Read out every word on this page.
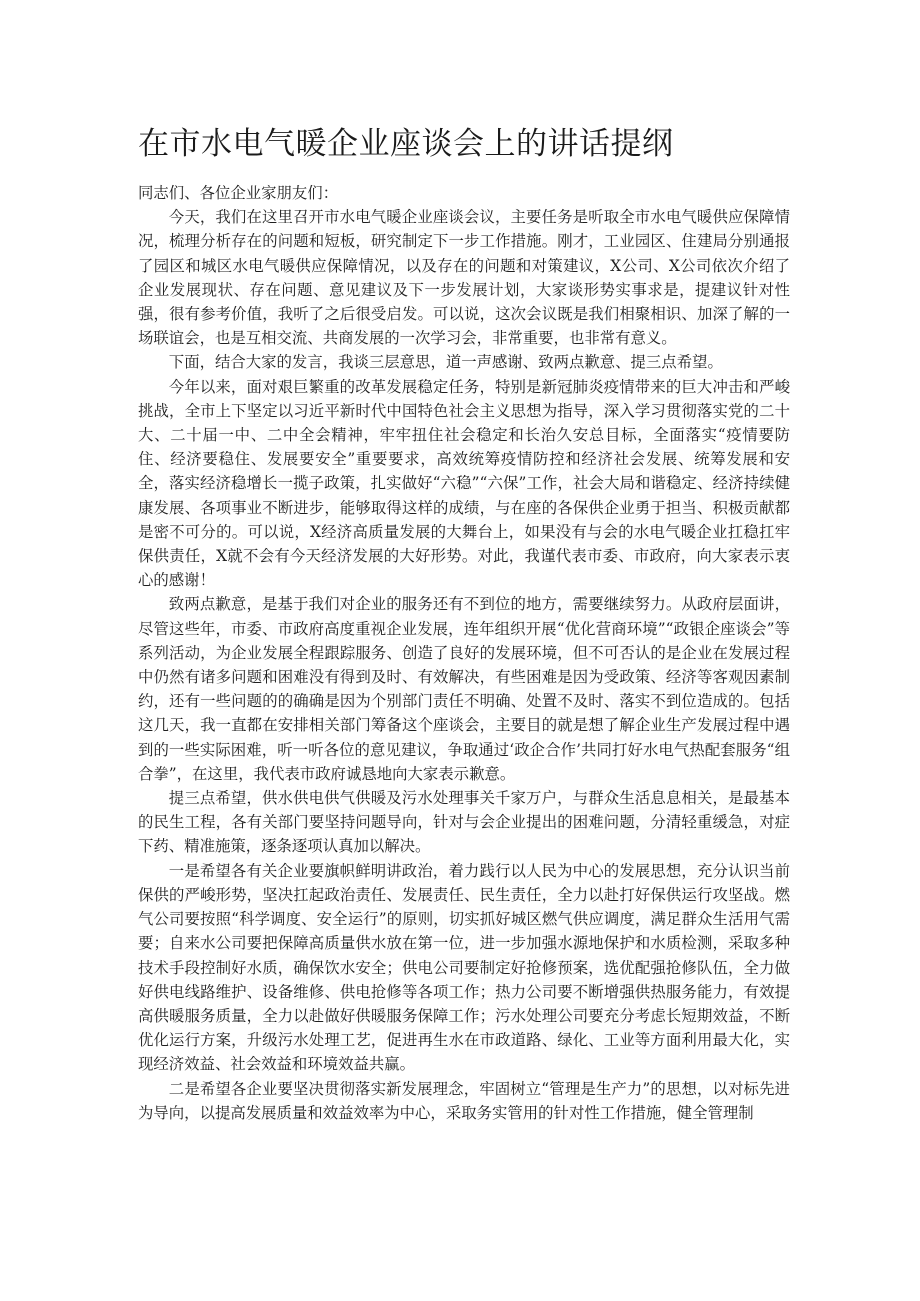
在市水电气暖企业座谈会上的讲话提纲

同志们、各位企业家朋友们：

今天，我们在这里召开市水电气暖企业座谈会议，主要任务是听取全市水电气暖供应保障情况，梳理分析存在的问题和短板，研究制定下一步工作措施。刚才，工业园区、住建局分别通报了园区和城区水电气暖供应保障情况，以及存在的问题和对策建议，X公司、X公司依次介绍了企业发展现状、存在问题、意见建议及下一步发展计划，大家谈形势实事求是，提建议针对性强，很有参考价值，我听了之后很受启发。可以说，这次会议既是我们相聚相识、加深了解的一场联谊会，也是互相交流、共商发展的一次学习会，非常重要，也非常有意义。

下面，结合大家的发言，我谈三层意思，道一声感谢、致两点歉意、提三点希望。

今年以来，面对艰巨繁重的改革发展稳定任务，特别是新冠肺炎疫情带来的巨大冲击和严峻挑战，全市上下坚定以习近平新时代中国特色社会主义思想为指导，深入学习贯彻落实党的二十大、二十届一中、二中全会精神，牢牢扭住社会稳定和长治久安总目标，全面落实“疫情要防住、经济要稳住、发展要安全”重要要求，高效统筹疫情防控和经济社会发展、统筹发展和安全，落实经济稳增长一揽子政策，扎实做好“六稳”“六保”工作，社会大局和谐稳定、经济持续健康发展、各项事业不断进步，能够取得这样的成绩，与在座的各保供企业勇于担当、积极贡献都是密不可分的。可以说，X经济高质量发展的大舞台上，如果没有与会的水电气暖企业扛稳扛牢保供责任，X就不会有今天经济发展的大好形势。对此，我谨代表市委、市政府，向大家表示衷心的感谢！

致两点歉意，是基于我们对企业的服务还有不到位的地方，需要继续努力。从政府层面讲，尽管这些年，市委、市政府高度重视企业发展，连年组织开展“优化营商环境”“政银企座谈会”等系列活动，为企业发展全程跟踪服务、创造了良好的发展环境，但不可否认的是企业在发展过程中仍然有诸多问题和困难没有得到及时、有效解决，有些困难是因为受政策、经济等客观因素制约，还有一些问题的的确确是因为个别部门责任不明确、处置不及时、落实不到位造成的。包括这几天，我一直都在安排相关部门筹备这个座谈会，主要目的就是想了解企业生产发展过程中遇到的一些实际困难，听一听各位的意见建议，争取通过‘政企合作’共同打好水电气热配套服务“组合拳”，在这里，我代表市政府诚恳地向大家表示歉意。

提三点希望，供水供电供气供暖及污水处理事关千家万户，与群众生活息息相关，是最基本的民生工程，各有关部门要坚持问题导向，针对与会企业提出的困难问题，分清轻重缓急，对症下药、精准施策，逐条逐项认真加以解决。

一是希望各有关企业要旗帜鲜明讲政治，着力践行以人民为中心的发展思想，充分认识当前保供的严峻形势，坚决扛起政治责任、发展责任、民生责任，全力以赴打好保供运行攻坚战。燃气公司要按照“科学调度、安全运行”的原则，切实抓好城区燃气供应调度，满足群众生活用气需要；自来水公司要把保障高质量供水放在第一位，进一步加强水源地保护和水质检测，采取多种技术手段控制好水质，确保饮水安全；供电公司要制定好抢修预案，选优配强抢修队伍，全力做好供电线路维护、设备维修、供电抢修等各项工作；热力公司要不断增强供热服务能力，有效提高供暖服务质量，全力以赴做好供暖服务保障工作；污水处理公司要充分考虑长短期效益，不断优化运行方案，升级污水处理工艺，促进再生水在市政道路、绿化、工业等方面利用最大化，实现经济效益、社会效益和环境效益共赢。

二是希望各企业要坚决贯彻落实新发展理念，牢固树立“管理是生产力”的思想，以对标先进为导向，以提高发展质量和效益效率为中心，采取务实管用的针对性工作措施，健全管理制
